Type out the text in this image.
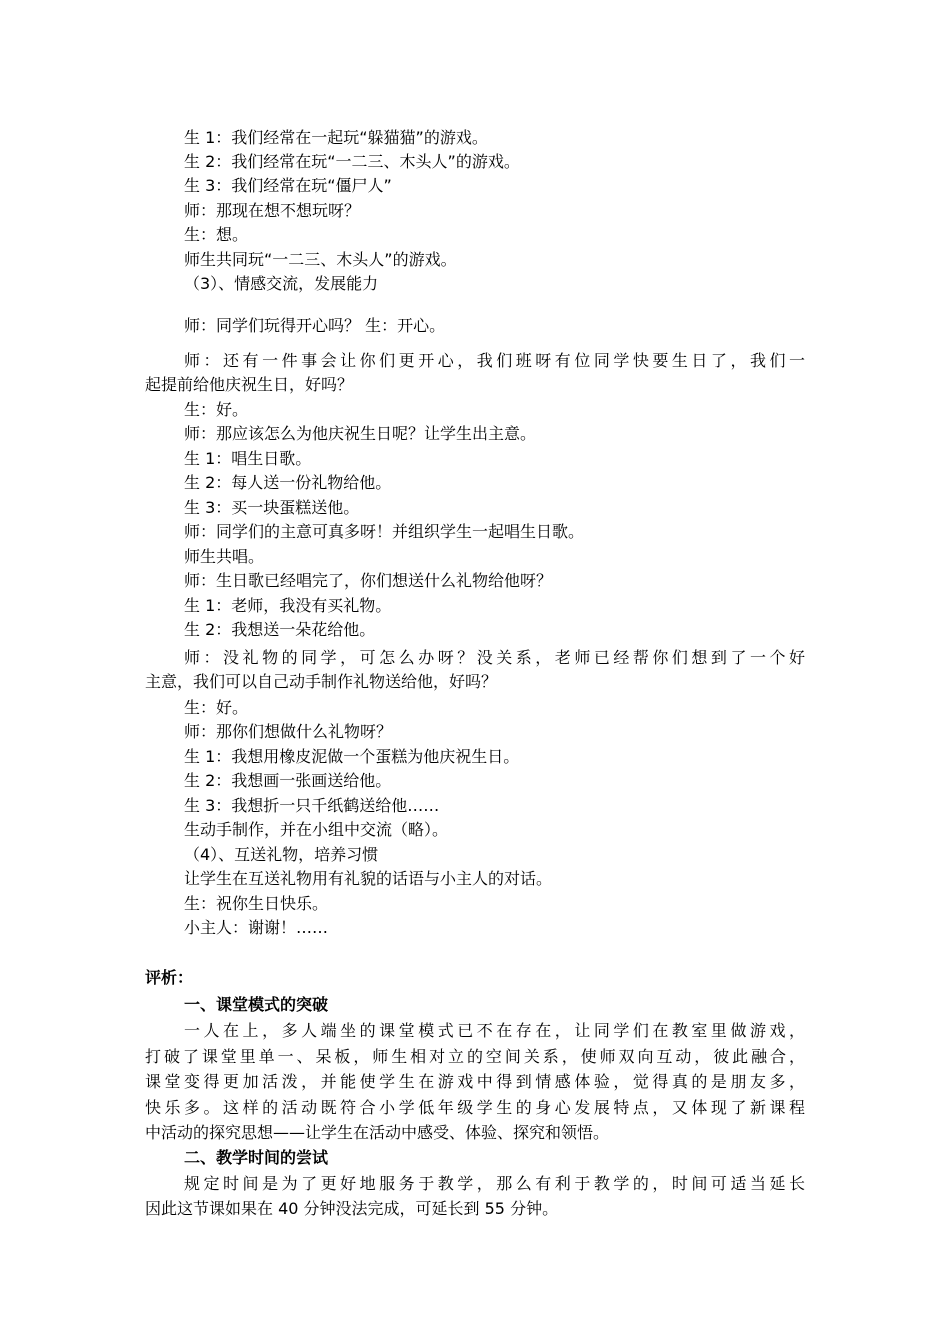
生 1：我们经常在一起玩“躲猫猫”的游戏。
生 2：我们经常在玩“一二三、木头人”的游戏。
生 3：我们经常在玩“僵尸人”
师：那现在想不想玩呀？
生：想。
师生共同玩“一二三、木头人”的游戏。
（3）、情感交流，发展能力
师：同学们玩得开心吗？ 生：开心。
师：还有一件事会让你们更开心，我们班呀有位同学快要生日了，我们一
起提前给他庆祝生日，好吗？
生：好。
师：那应该怎么为他庆祝生日呢？让学生出主意。
生 1：唱生日歌。
生 2：每人送一份礼物给他。
生 3：买一块蛋糕送他。
师：同学们的主意可真多呀！并组织学生一起唱生日歌。
师生共唱。
师：生日歌已经唱完了，你们想送什么礼物给他呀？
生 1：老师，我没有买礼物。
生 2：我想送一朵花给他。
师：没礼物的同学，可怎么办呀？没关系，老师已经帮你们想到了一个好
主意，我们可以自己动手制作礼物送给他，好吗？
生：好。
师：那你们想做什么礼物呀？
生 1：我想用橡皮泥做一个蛋糕为他庆祝生日。
生 2：我想画一张画送给他。
生 3：我想折一只千纸鹤送给他……
生动手制作，并在小组中交流（略）。
（4）、互送礼物，培养习惯
让学生在互送礼物用有礼貌的话语与小主人的对话。
生：祝你生日快乐。
小主人：谢谢！……
评析：
一、课堂模式的突破
一人在上，多人端坐的课堂模式已不在存在，让同学们在教室里做游戏，
打破了课堂里单一、呆板，师生相对立的空间关系，使师双向互动，彼此融合，
课堂变得更加活泼，并能使学生在游戏中得到情感体验，觉得真的是朋友多，
快乐多。这样的活动既符合小学低年级学生的身心发展特点，又体现了新课程
中活动的探究思想——让学生在活动中感受、体验、探究和领悟。
二、教学时间的尝试
规定时间是为了更好地服务于教学，那么有利于教学的，时间可适当延长
因此这节课如果在 40 分钟没法完成，可延长到 55 分钟。
